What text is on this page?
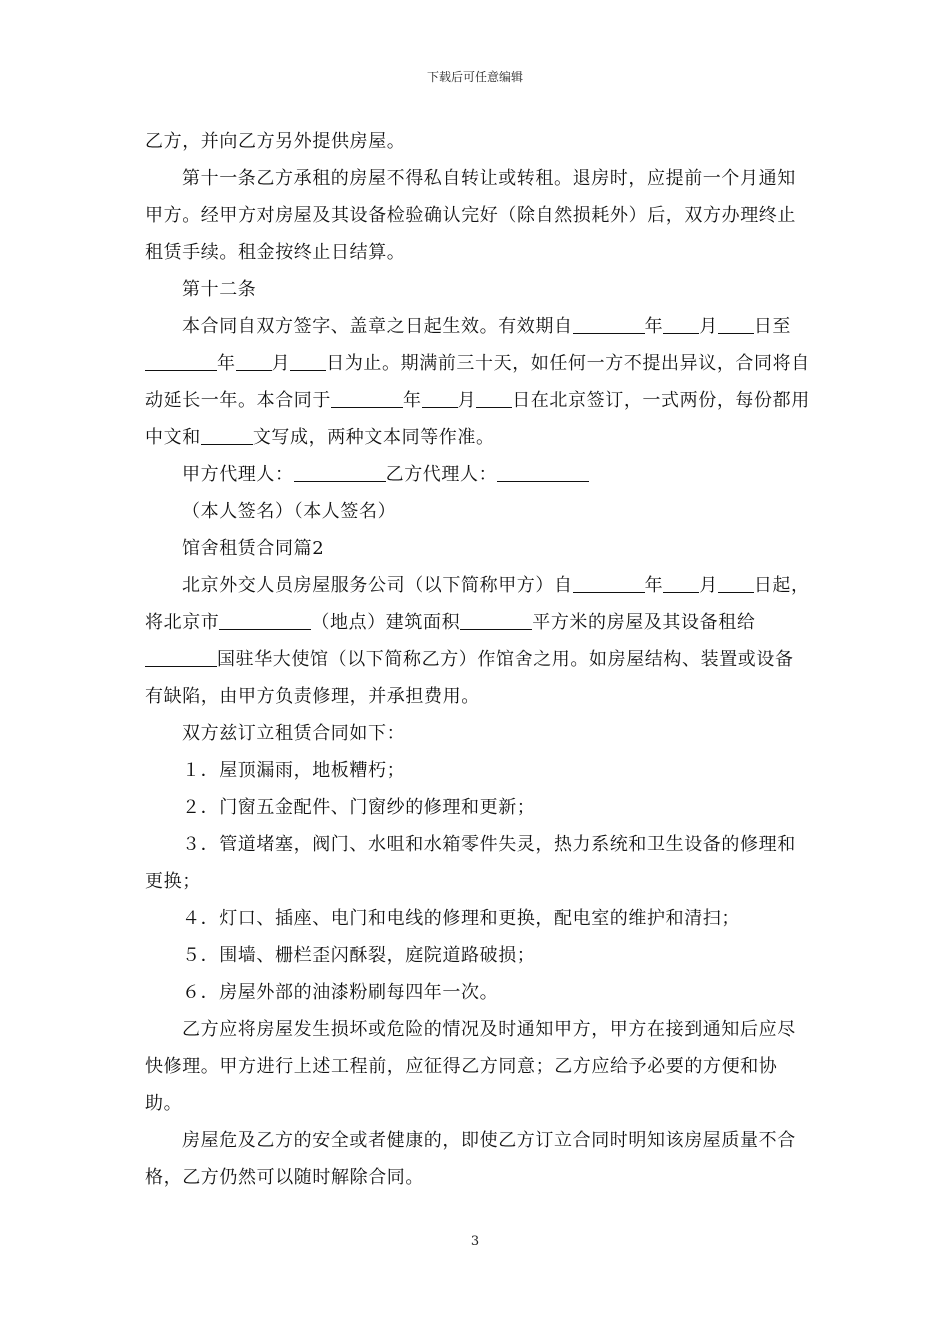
下载后可任意编辑

乙方，并向乙方另外提供房屋。

第十一条乙方承租的房屋不得私自转让或转租。退房时，应提前一个月通知甲方。经甲方对房屋及其设备检验确认完好（除自然损耗外）后，双方办理终止租赁手续。租金按终止日结算。

第十二条

本合同自双方签字、盖章之日起生效。有效期自	年 月 日至年 月 日为止。期满前三十天，如任何一方不提出异议，合同将自动延长一年。本合同于	年 月 日在北京签订，一式两份，每份都用中文和	文写成，两种文本同等作准。

甲方代理人：	乙方代理人：

（本人签名）（本人签名）

馆舍租赁合同篇2

北京外交人员房屋服务公司（以下简称甲方）自	年 月 日起，将北京市	（地点）建筑面积	平方米的房屋及其设备租给国驻华大使馆（以下简称乙方）作馆舍之用。如房屋结构、装置或设备有缺陷，由甲方负责修理，并承担费用。

双方兹订立租赁合同如下：

１．屋顶漏雨，地板糟朽；

２．门窗五金配件、门窗纱的修理和更新；

３．管道堵塞，阀门、水咀和水箱零件失灵，热力系统和卫生设备的修理和更换；

４．灯口、插座、电门和电线的修理和更换，配电室的维护和清扫；

５．围墙、栅栏歪闪酥裂，庭院道路破损；

６．房屋外部的油漆粉刷每四年一次。

乙方应将房屋发生损坏或危险的情况及时通知甲方，甲方在接到通知后应尽快修理。甲方进行上述工程前，应征得乙方同意；乙方应给予必要的方便和协助。

房屋危及乙方的安全或者健康的，即使乙方订立合同时明知该房屋质量不合格，乙方仍然可以随时解除合同。

3
